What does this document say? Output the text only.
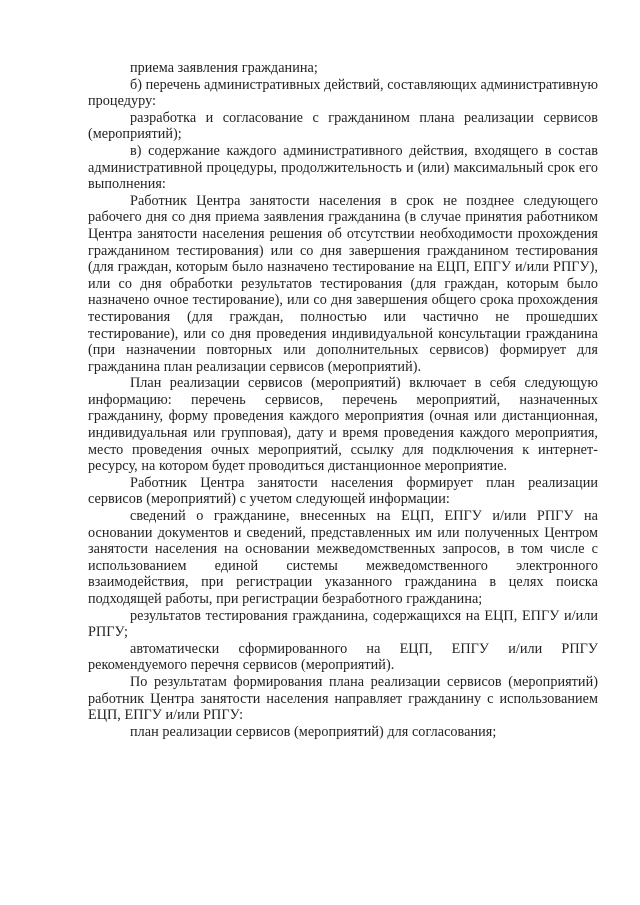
приема заявления гражданина;

б) перечень административных действий, составляющих административную процедуру:

разработка и согласование с гражданином плана реализации сервисов (мероприятий);

в) содержание каждого административного действия, входящего в состав административной процедуры, продолжительность и (или) максимальный срок его выполнения:

Работник Центра занятости населения в срок не позднее следующего рабочего дня со дня приема заявления гражданина (в случае принятия работником Центра занятости населения решения об отсутствии необходимости прохождения гражданином тестирования) или со дня завершения гражданином тестирования (для граждан, которым было назначено тестирование на ЕЦП, ЕПГУ и/или РПГУ), или со дня обработки результатов тестирования (для граждан, которым было назначено очное тестирование), или со дня завершения общего срока прохождения тестирования (для граждан, полностью или частично не прошедших тестирование), или со дня проведения индивидуальной консультации гражданина (при назначении повторных или дополнительных сервисов) формирует для гражданина план реализации сервисов (мероприятий).

План реализации сервисов (мероприятий) включает в себя следующую информацию: перечень сервисов, перечень мероприятий, назначенных гражданину, форму проведения каждого мероприятия (очная или дистанционная, индивидуальная или групповая), дату и время проведения каждого мероприятия, место проведения очных мероприятий, ссылку для подключения к интернет-ресурсу, на котором будет проводиться дистанционное мероприятие.

Работник Центра занятости населения формирует план реализации сервисов (мероприятий) с учетом следующей информации:

сведений о гражданине, внесенных на ЕЦП, ЕПГУ и/или РПГУ на основании документов и сведений, представленных им или полученных Центром занятости населения на основании межведомственных запросов, в том числе с использованием единой системы межведомственного электронного взаимодействия, при регистрации указанного гражданина в целях поиска подходящей работы, при регистрации безработного гражданина;

результатов тестирования гражданина, содержащихся на ЕЦП, ЕПГУ и/или РПГУ;

автоматически сформированного на ЕЦП, ЕПГУ и/или РПГУ рекомендуемого перечня сервисов (мероприятий).

По результатам формирования плана реализации сервисов (мероприятий) работник Центра занятости населения направляет гражданину с использованием ЕЦП, ЕПГУ и/или РПГУ:

план реализации сервисов (мероприятий) для согласования;
